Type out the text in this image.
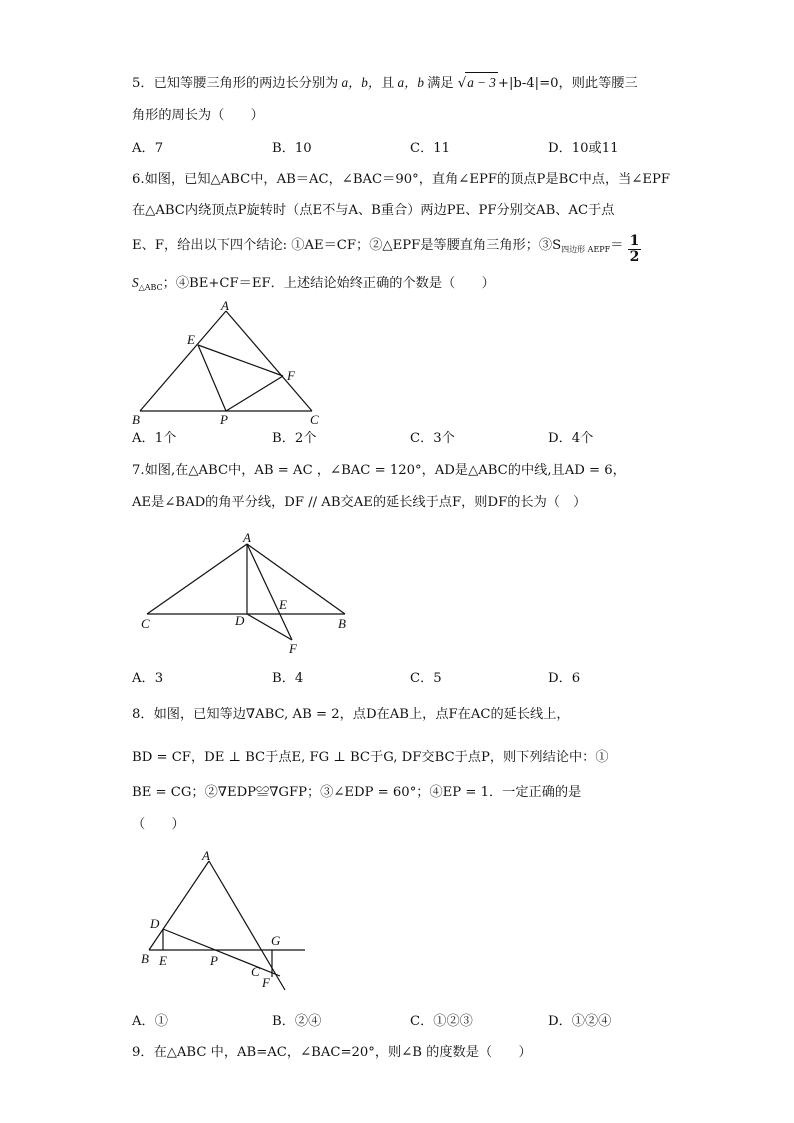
5．已知等腰三角形的两边长分别为 a，b，且 a，b 满足 √a − 3 +|b-4|=0，则此等腰三
角形的周长为（　　）
A．7	B．10	C．11	D．10或11
6.如图，已知△ABC中，AB＝AC，∠BAC＝90°，直角∠EPF的顶点P是BC中点，当∠EPF
在△ABC内绕顶点P旋转时（点E不与A、B重合）两边PE、PF分别交AB、AC于点
E、F，给出以下四个结论: ①AE＝CF；②△EPF是等腰直角三角形；$③S_{四边形 AEPF}= \frac{1}{2}$
$S_{\triangle ABC}$；④BE+CF＝EF．上述结论始终正确的个数是（　　）
A
E
F
B	P	C
A．1个	B．2个	C．3个	D．4个
7.如图,在△ABC中，AB = AC ，∠BAC = 120°，AD是△ABC的中线,且AD = 6，
AE是∠BAD的角平分线，DF // AB交AE的延长线于点F，则DF的长为（　）
A
E
C	D	B
F
A．3	B．4	C．5	D．6
8．如图，已知等边∇ABC, AB = 2，点D在AB上，点F在AC的延长线上，
BD = CF，DE ⊥ BC于点E, FG ⊥ BC于G, DF交BC于点P，则下列结论中：①
BE = CG；②∇EDP≌∇GFP；③∠EDP = 60°；④EP = 1．一定正确的是
（　　）
A
D
G
B E	P
C
F
A．①	B．②④	C．①②③	D．①②④
9．在△ABC 中，AB=AC，∠BAC=20°，则∠B 的度数是（　　）
